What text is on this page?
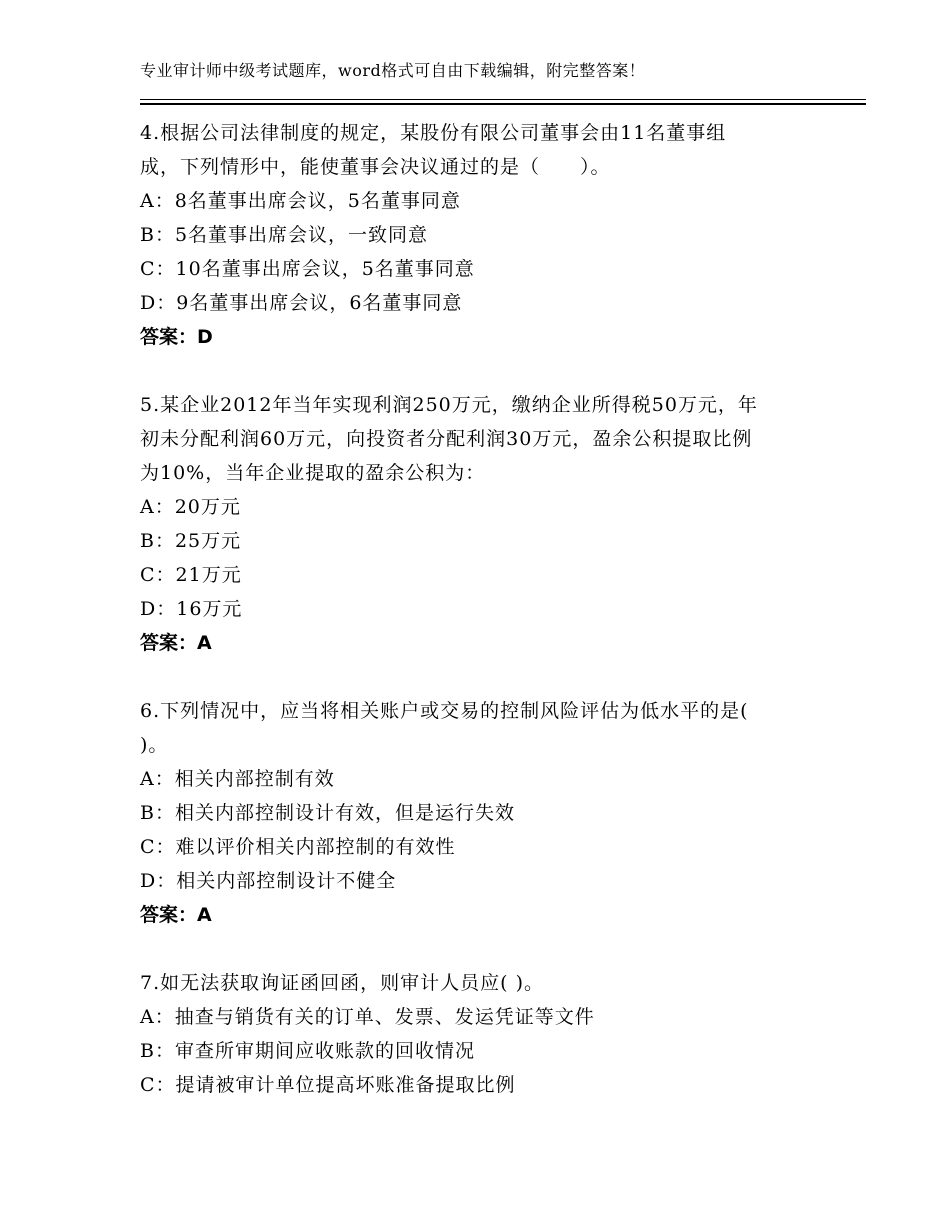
专业审计师中级考试题库，word格式可自由下载编辑，附完整答案！
4.根据公司法律制度的规定，某股份有限公司董事会由11名董事组
成，下列情形中，能使董事会决议通过的是（　　）。
A：8名董事出席会议，5名董事同意
B：5名董事出席会议，一致同意
C：10名董事出席会议，5名董事同意
D：9名董事出席会议，6名董事同意
答案：D
5.某企业2012年当年实现利润250万元，缴纳企业所得税50万元，年
初未分配利润60万元，向投资者分配利润30万元，盈余公积提取比例
为10%，当年企业提取的盈余公积为：
A：20万元
B：25万元
C：21万元
D：16万元
答案：A
6.下列情况中，应当将相关账户或交易的控制风险评估为低水平的是(
)。
A：相关内部控制有效
B：相关内部控制设计有效，但是运行失效
C：难以评价相关内部控制的有效性
D：相关内部控制设计不健全
答案：A
7.如无法获取询证函回函，则审计人员应( )。
A：抽查与销货有关的订单、发票、发运凭证等文件
B：审查所审期间应收账款的回收情况
C：提请被审计单位提高坏账准备提取比例
